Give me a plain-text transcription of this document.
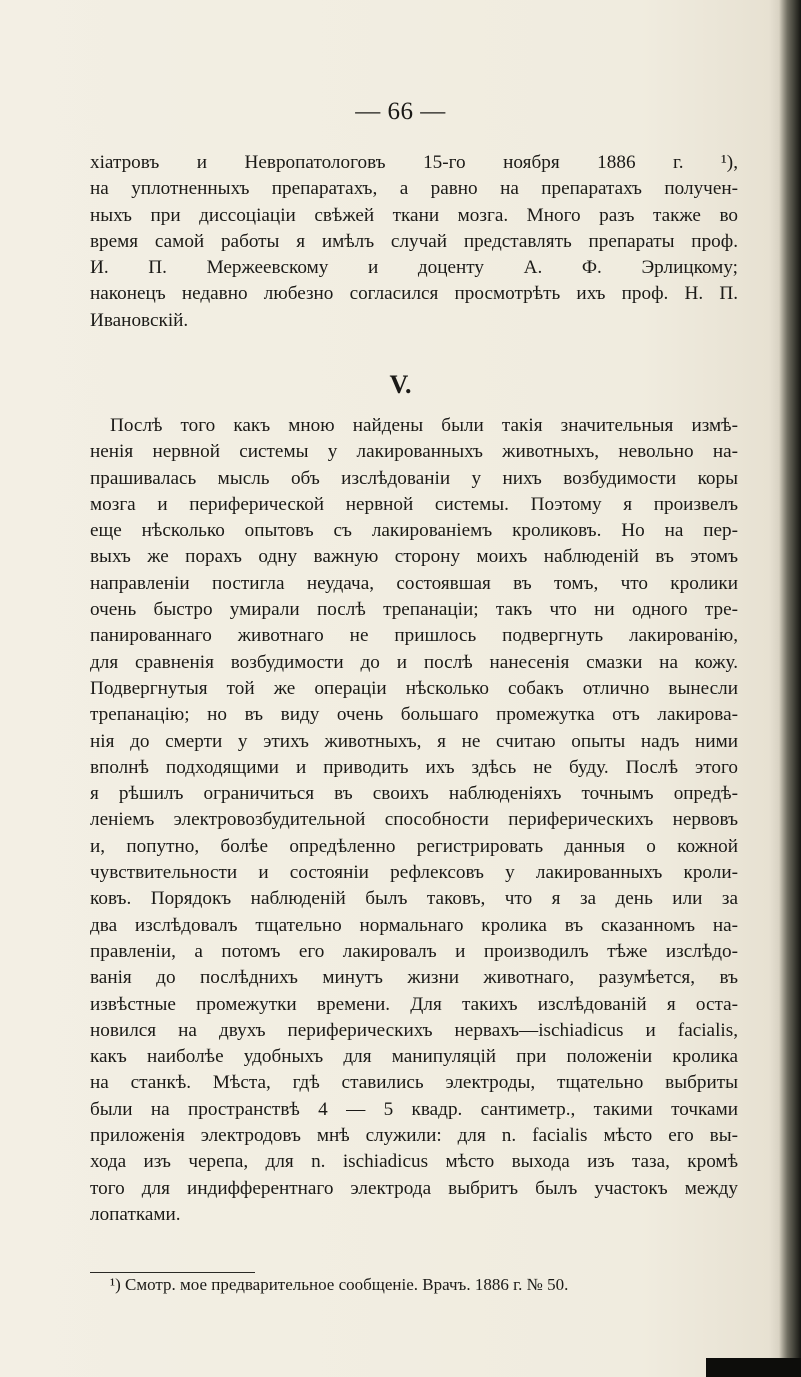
— 66 —
хіатровъ и Невропатологовъ 15-го ноября 1886 г. ¹),
на уплотненныхъ препаратахъ, а равно на препаратахъ получен-
ныхъ при диссоціаціи свѣжей ткани мозга. Много разъ также во
время самой работы я имѣлъ случай представлять препараты проф.
И. П. Мержеевскому и доценту А. Ф. Эрлицкому;
наконецъ недавно любезно согласился просмотрѣть ихъ проф. Н. П.
Ивановскій.
V.
Послѣ того какъ мною найдены были такія значительныя измѣ-
ненія нервной системы у лакированныхъ животныхъ, невольно на-
прашивалась мысль объ изслѣдованіи у нихъ возбудимости коры
мозга и периферической нервной системы. Поэтому я произвелъ
еще нѣсколько опытовъ съ лакированіемъ кроликовъ. Но на пер-
выхъ же порахъ одну важную сторону моихъ наблюденій въ этомъ
направленіи постигла неудача, состоявшая въ томъ, что кролики
очень быстро умирали послѣ трепанаціи; такъ что ни одного тре-
панированнаго животнаго не пришлось подвергнуть лакированію,
для сравненія возбудимости до и послѣ нанесенія смазки на кожу.
Подвергнутыя той же операціи нѣсколько собакъ отлично вынесли
трепанацію; но въ виду очень большаго промежутка отъ лакирова-
нія до смерти у этихъ животныхъ, я не считаю опыты надъ ними
вполнѣ подходящими и приводить ихъ здѣсь не буду. Послѣ этого
я рѣшилъ ограничиться въ своихъ наблюденіяхъ точнымъ опредѣ-
леніемъ электровозбудительной способности периферическихъ нервовъ
и, попутно, болѣе опредѣленно регистрировать данныя о кожной
чувствительности и состояніи рефлексовъ у лакированныхъ кроли-
ковъ. Порядокъ наблюденій былъ таковъ, что я за день или за
два изслѣдовалъ тщательно нормальнаго кролика въ сказанномъ на-
правленіи, а потомъ его лакировалъ и производилъ тѣже изслѣдо-
ванія до послѣднихъ минутъ жизни животнаго, разумѣется, въ
извѣстные промежутки времени. Для такихъ изслѣдованій я оста-
новился на двухъ периферическихъ нервахъ—ischiadicus и facialis,
какъ наиболѣе удобныхъ для манипуляцій при положеніи кролика
на станкѣ. Мѣста, гдѣ ставились электроды, тщательно выбриты
были на пространствѣ 4 — 5 квадр. сантиметр., такими точками
приложенія электродовъ мнѣ служили: для n. facialis мѣсто его вы-
хода изъ черепа, для n. ischiadicus мѣсто выхода изъ таза, кромѣ
того для индифферентнаго электрода выбритъ былъ участокъ между
лопатками.
¹) Смотр. мое предварительное сообщеніе. Врачъ. 1886 г. № 50.
